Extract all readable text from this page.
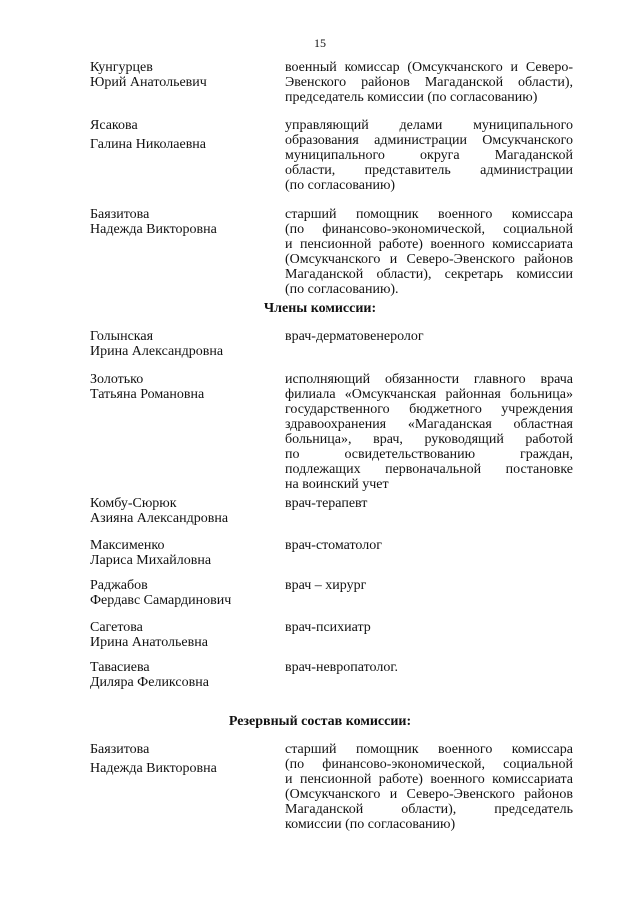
15
Кунгурцев
Юрий Анатольевич
военный комиссар (Омсукчанского и Северо-
Эвенского районов Магаданской области),
председатель комиссии (по согласованию)
Ясакова
Галина Николаевна
управляющий делами муниципального
образования администрации Омсукчанского
муниципального округа Магаданской
области, представитель администрации
(по согласованию)
Баязитова
Надежда Викторовна
старший помощник военного комиссара
(по финансово-экономической, социальной
и пенсионной работе) военного комиссариата
(Омсукчанского и Северо-Эвенского районов
Магаданской области), секретарь комиссии
(по согласованию).
Члены комиссии:
Голынская
Ирина Александровна
врач-дерматовенеролог
Золотько
Татьяна Романовна
исполняющий обязанности главного врача
филиала «Омсукчанская районная больница»
государственного бюджетного учреждения
здравоохранения «Магаданская областная
больница», врач, руководящий работой
по освидетельствованию граждан,
подлежащих первоначальной постановке
на воинский учет
Комбу-Сюрюк
Азияна Александровна
врач-терапевт
Максименко
Лариса Михайловна
врач-стоматолог
Раджабов
Фердавс Самардинович
врач – хирург
Сагетова
Ирина Анатольевна
врач-психиатр
Тавасиева
Диляра Феликсовна
врач-невропатолог.
Резервный состав комиссии:
Баязитова
Надежда Викторовна
старший помощник военного комиссара
(по финансово-экономической, социальной
и пенсионной работе) военного комиссариата
(Омсукчанского и Северо-Эвенского районов
Магаданской области), председатель
комиссии (по согласованию)
